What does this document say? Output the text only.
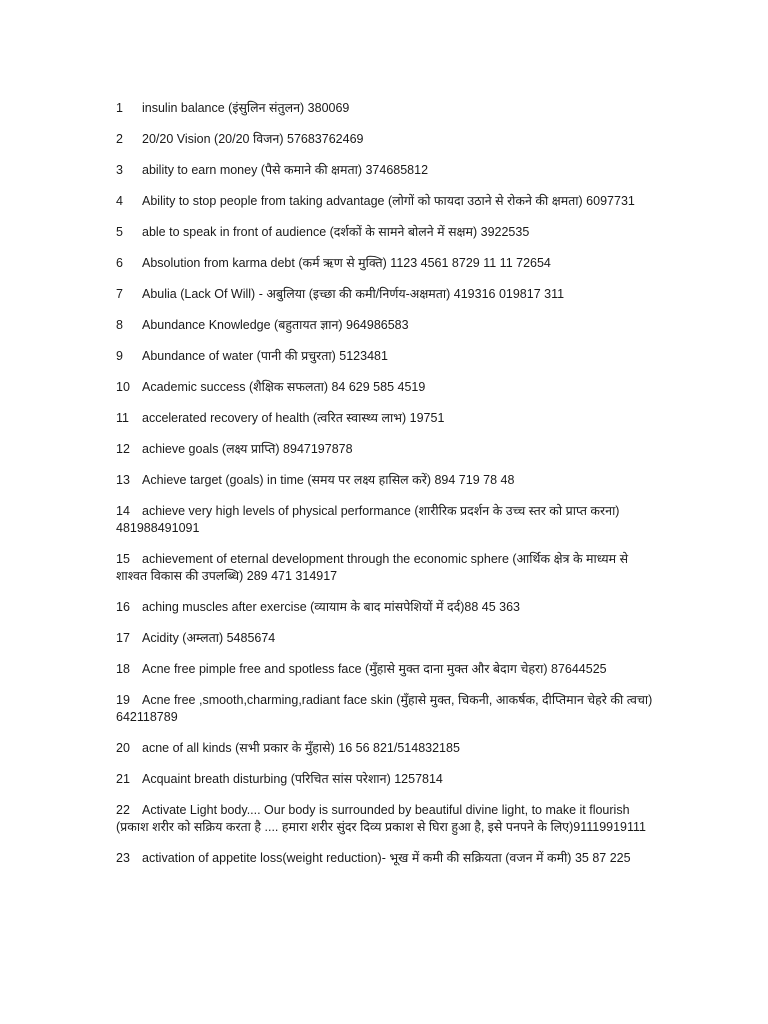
1 insulin balance (इंसुलिन संतुलन) 380069
2 20/20 Vision (20/20 विजन) 57683762469
3 ability to earn money (पैसे कमाने की क्षमता) 374685812
4 Ability to stop people from taking advantage (लोगों को फायदा उठाने से रोकने की क्षमता) 6097731
5 able to speak in front of audience (दर्शकों के सामने बोलने में सक्षम) 3922535
6 Absolution from karma debt (कर्म ऋण से मुक्ति) 1123 4561 8729 11 11 72654
7 Abulia (Lack Of Will) - अबुलिया (इच्छा की कमी/निर्णय-अक्षमता) 419316 019817 311
8 Abundance Knowledge (बहुतायत ज्ञान) 964986583
9 Abundance of water (पानी की प्रचुरता) 5123481
10 Academic success (शैक्षिक सफलता) 84 629 585 4519
11 accelerated recovery of health (त्वरित स्वास्थ्य लाभ) 19751
12 achieve goals (लक्ष्य प्राप्ति) 8947197878
13 Achieve target (goals) in time (समय पर लक्ष्य हासिल करें) 894 719 78 48
14 achieve very high levels of physical performance (शारीरिक प्रदर्शन के उच्च स्तर को प्राप्त करना) 481988491091
15 achievement of eternal development through the economic sphere (आर्थिक क्षेत्र के माध्यम से शाश्वत विकास की उपलब्धि) 289 471 314917
16 aching muscles after exercise (व्यायाम के बाद मांसपेशियों में दर्द)88 45 363
17 Acidity (अम्लता) 5485674
18 Acne free pimple free and spotless face (मुँहासे मुक्त दाना मुक्त और बेदाग चेहरा) 87644525
19 Acne free ,smooth,charming,radiant face skin (मुँहासे मुक्त, चिकनी, आकर्षक, दीप्तिमान चेहरे की त्वचा) 642118789
20 acne of all kinds (सभी प्रकार के मुँहासे) 16 56 821/514832185
21 Acquaint breath disturbing (परिचित सांस परेशान) 1257814
22 Activate Light body.... Our body is surrounded by beautiful divine light, to make it flourish (प्रकाश शरीर को सक्रिय करता है .... हमारा शरीर सुंदर दिव्य प्रकाश से घिरा हुआ है, इसे पनपने के लिए)91119919111
23 activation of appetite loss(weight reduction)- भूख में कमी की सक्रियता (वजन में कमी) 35 87 225
